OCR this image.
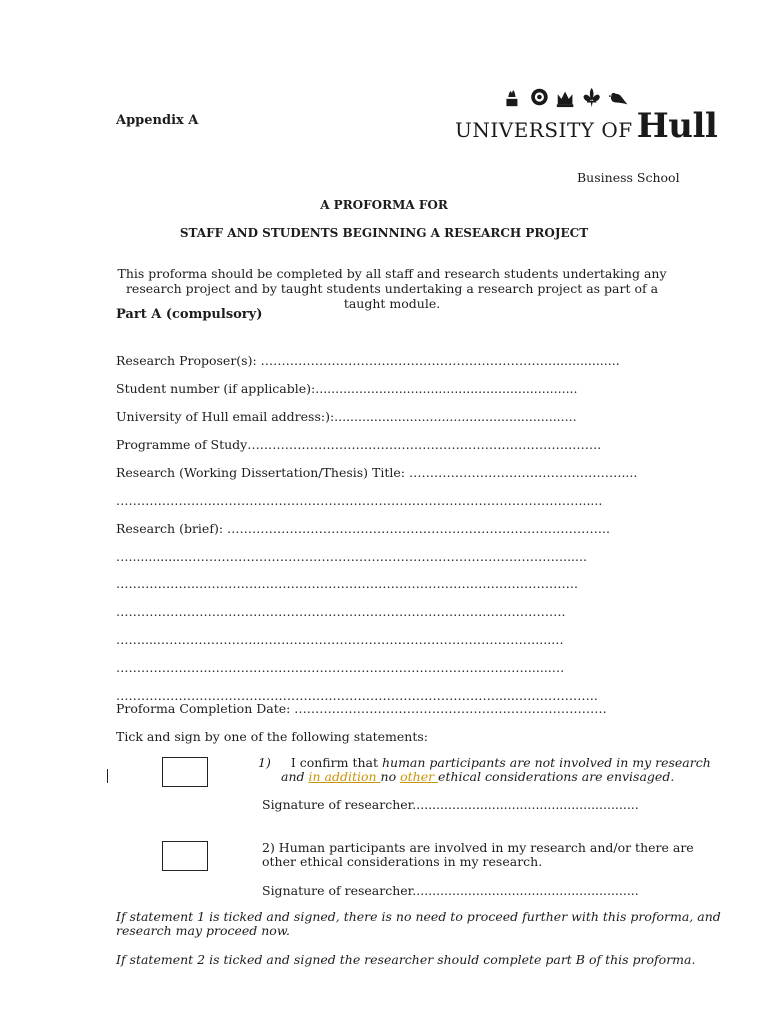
Appendix A	UNIVERSITY OF Hull
Business School
A PROFORMA FOR
STAFF AND STUDENTS BEGINNING A RESEARCH PROJECT
This proforma should be completed by all staff and research students undertaking any research project and by taught students undertaking a research project as part of a taught module.
Part A (compulsory)
Research Proposer(s): ……………………………………………………………..................
Student number (if applicable):..................................................................
University of Hull email address:):.............................................................
Programme of Study………………………………………………………………………….
Research (Working Dissertation/Thesis) Title: ……………………………………………....
…………………………………………………………………………………………………......
Research (brief): ………………………………………………………………………………..
…...............………………………………………………………………………………......
………………..……………………………………………………………………………….
……………………..……………………………………………………………………….
…….....…………………...…………………………………………………………....…
…………………..………………….………………………………………………......…
…………………………………………….…………………………………......……………….
Proforma Completion Date: …………………………………………………………………
Tick and sign by one of the following statements:
1) I confirm that human participants are not involved in my research
and in addition no other ethical considerations are envisaged.
Signature of researcher.........................................................
2) Human participants are involved in my research and/or there are
other ethical considerations in my research.
Signature of researcher.........................................................
If statement 1 is ticked and signed, there is no need to proceed further with this proforma, and
research may proceed now.
If statement 2 is ticked and signed the researcher should complete part B of this proforma.
